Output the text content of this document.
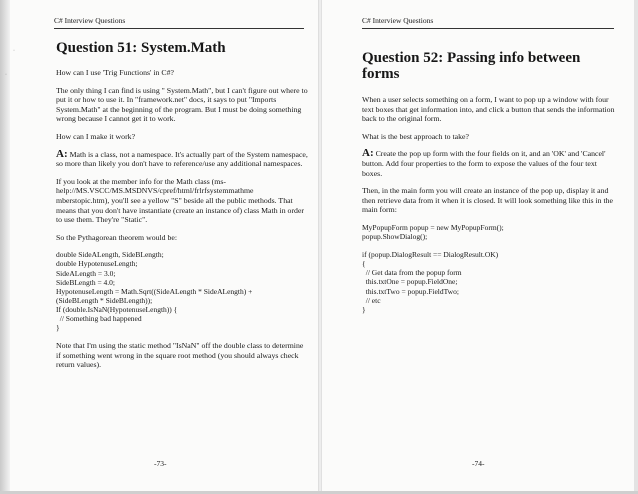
·
·
C# Interview Questions
Question 51: System.Math

How can I use 'Trig Functions' in C#?

The only thing I can find is using " System.Math", but I can't figure out where to put it or how to use it. In "framework.net" docs, it says to put "Imports System.Math" at the beginning of the program. But I must be doing something wrong because I cannot get it to work.

How can I make it work?

A: Math is a class, not a namespace. It's actually part of the System namespace, so more than likely you don't have to reference/use any additional namespaces.

If you look at the member info for the Math class (ms-help://MS.VSCC/MS.MSDNVS/cpref/html/frlrfsystemmathme mberstopic.htm), you'll see a yellow "S" beside all the public methods. That means that you don't have instantiate (create an instance of) class Math in order to use them. They're "Static".

So the Pythagorean theorem would be:

double SideALength, SideBLength;
double HypotenuseLength;
SideALength = 3.0;
SideBLength = 4.0;
HypotenuseLength = Math.Sqrt((SideALength * SideALength) +
(SideBLength * SideBLength));
If (double.IsNaN(HypotenuseLength)) {
// Something bad happened
}

Note that I'm using the static method "IsNaN" off the double class to determine if something went wrong in the square root method (you should always check return values).

-73-
C# Interview Questions
Question 52: Passing info between forms

When a user selects something on a form, I want to pop up a window with four text boxes that get information into, and click a button that sends the information back to the original form.

What is the best approach to take?

A: Create the pop up form with the four fields on it, and an 'OK' and 'Cancel' button. Add four properties to the form to expose the values of the four text boxes.

Then, in the main form you will create an instance of the pop up, display it and then retrieve data from it when it is closed. It will look something like this in the main form:

MyPopupForm popup = new MyPopupForm();
popup.ShowDialog();
if (popup.DialogResult == DialogResult.OK)
{
// Get data from the popup form
this.txtOne = popup.FieldOne;
this.txtTwo = popup.FieldTwo;
// etc
}
-74-
